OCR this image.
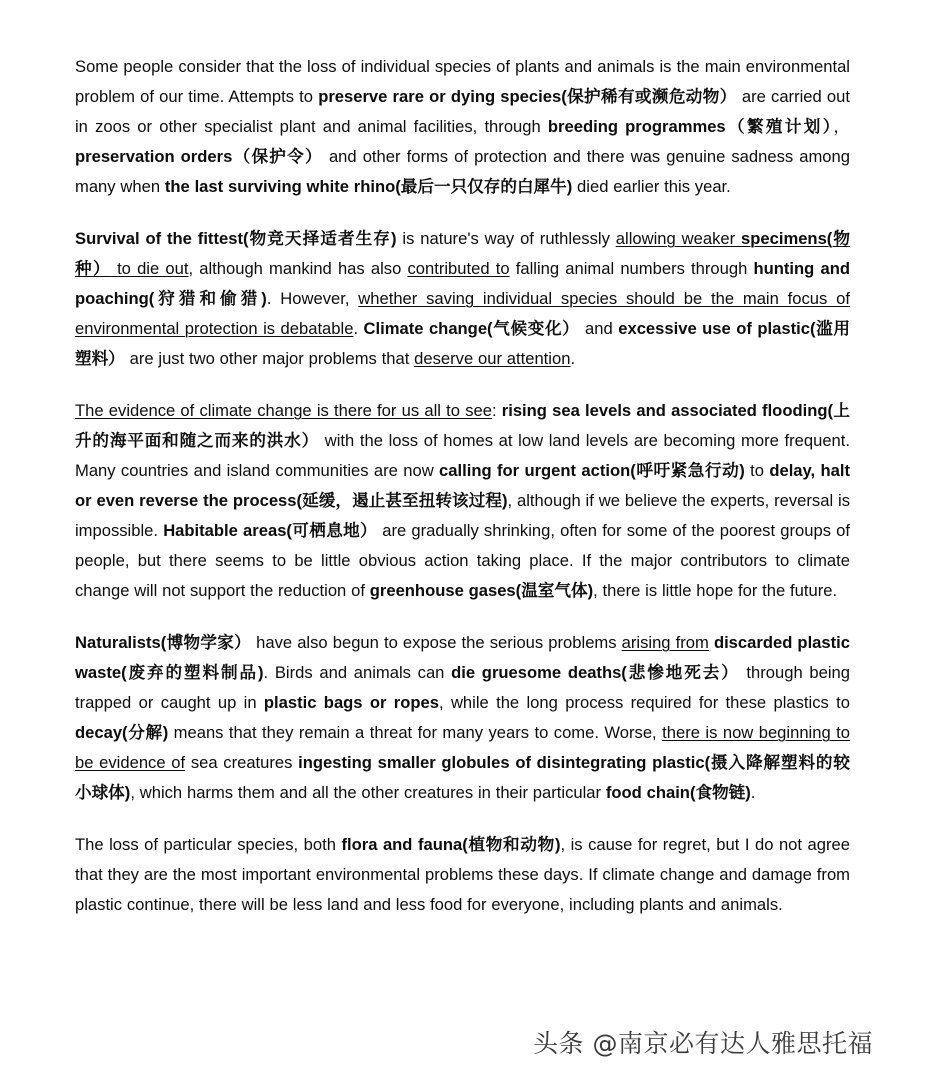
Some people consider that the loss of individual species of plants and animals is the main environmental problem of our time. Attempts to preserve rare or dying species(保护稀有或濒危动物） are carried out in zoos or other specialist plant and animal facilities, through breeding programmes（繁殖计划），preservation orders（保护令） and other forms of protection and there was genuine sadness among many when the last surviving white rhino(最后一只仅存的白犀牛) died earlier this year.

Survival of the fittest(物竞天择适者生存) is nature's way of ruthlessly allowing weaker specimens(物种） to die out, although mankind has also contributed to falling animal numbers through hunting and poaching(狩猎和偷猎). However, whether saving individual species should be the main focus of environmental protection is debatable. Climate change(气候变化） and excessive use of plastic(滥用塑料） are just two other major problems that deserve our attention.

The evidence of climate change is there for us all to see: rising sea levels and associated flooding(上升的海平面和随之而来的洪水） with the loss of homes at low land levels are becoming more frequent. Many countries and island communities are now calling for urgent action(呼吁紧急行动) to delay, halt or even reverse the process(延缓，遏止甚至扭转该过程), although if we believe the experts, reversal is impossible. Habitable areas(可栖息地） are gradually shrinking, often for some of the poorest groups of people, but there seems to be little obvious action taking place. If the major contributors to climate change will not support the reduction of greenhouse gases(温室气体), there is little hope for the future.

Naturalists(博物学家） have also begun to expose the serious problems arising from discarded plastic waste(废弃的塑料制品). Birds and animals can die gruesome deaths(悲惨地死去） through being trapped or caught up in plastic bags or ropes, while the long process required for these plastics to decay(分解) means that they remain a threat for many years to come. Worse, there is now beginning to be evidence of sea creatures ingesting smaller globules of disintegrating plastic(摄入降解塑料的较小球体), which harms them and all the other creatures in their particular food chain(食物链).

The loss of particular species, both flora and fauna(植物和动物), is cause for regret, but I do not agree that they are the most important environmental problems these days. If climate change and damage from plastic continue, there will be less land and less food for everyone, including plants and animals.

头条 @南京必有达人雅思托福
